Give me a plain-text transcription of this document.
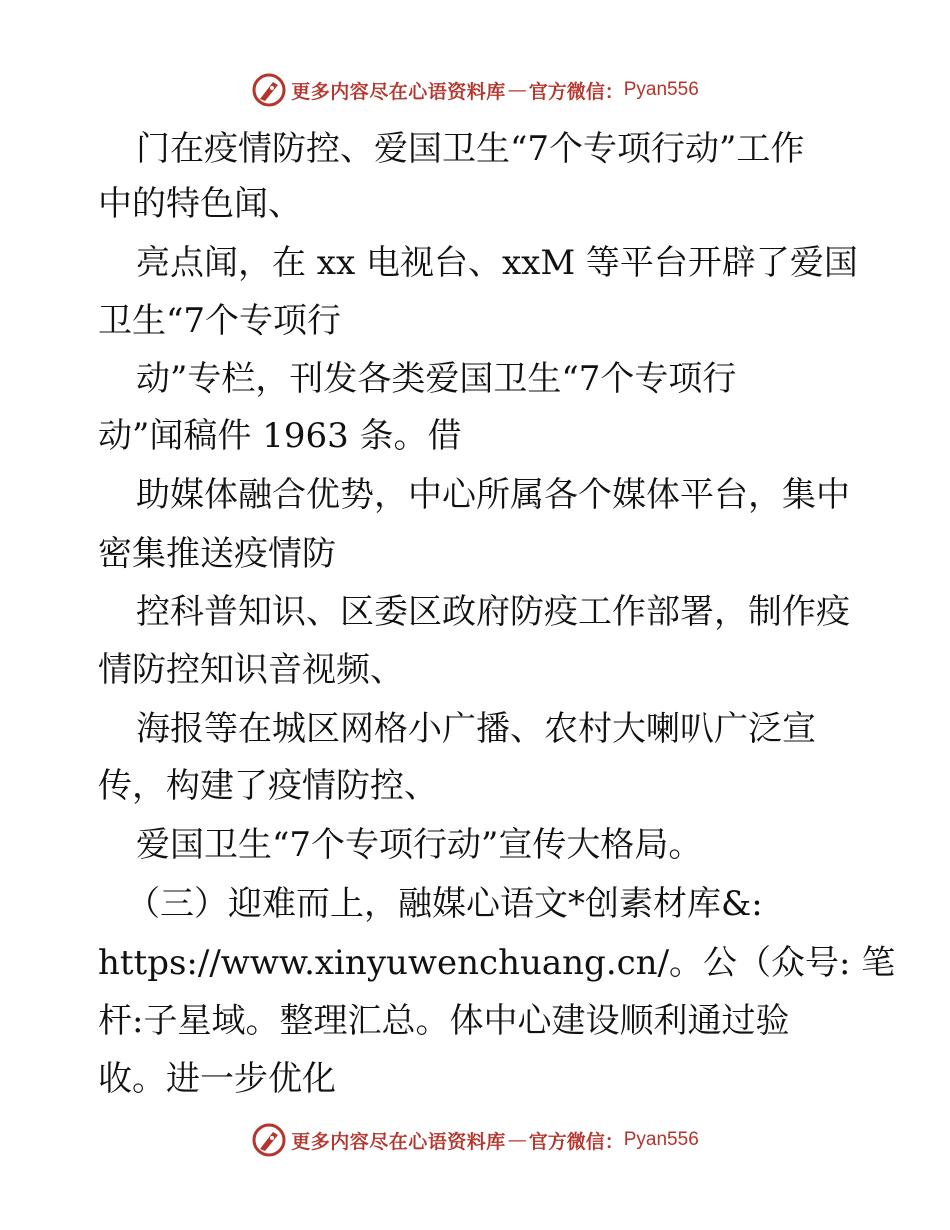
更多内容尽在心语资料库 — 官方微信： Pyan556
门在疫情防控、爱国卫生“7个专项行动”工作
中的特色闻、
亮点闻，在 xx 电视台、xxM 等平台开辟了爱国
卫生“7个专项行
动”专栏，刊发各类爱国卫生“7个专项行
动”闻稿件 1963 条。借
助媒体融合优势，中心所属各个媒体平台，集中
密集推送疫情防
控科普知识、区委区政府防疫工作部署，制作疫
情防控知识音视频、
海报等在城区网格小广播、农村大喇叭广泛宣
传，构建了疫情防控、
爱国卫生“7个专项行动”宣传大格局。
（三）迎难而上，融媒心语文*创素材库&:
https://www.xinyuwenchuang.cn/。公（众号: 笔
杆:子星域。整理汇总。体中心建设顺利通过验
收。进一步优化
更多内容尽在心语资料库 — 官方微信： Pyan556
